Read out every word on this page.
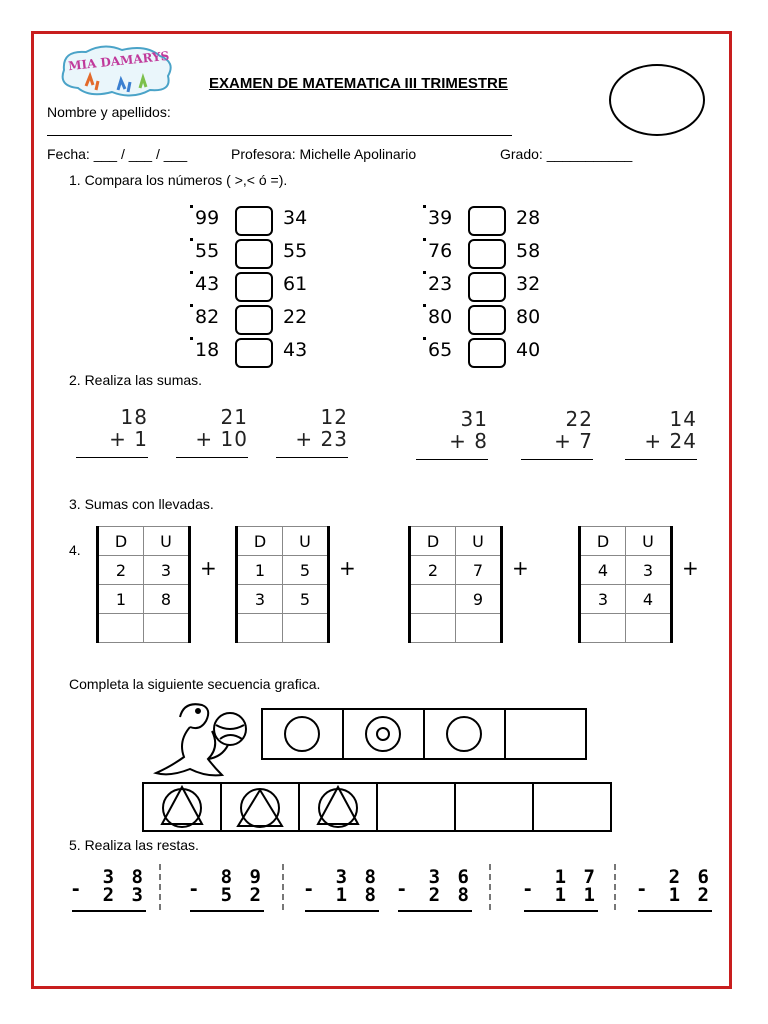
MIA DAMARYS
EXAMEN DE MATEMATICA III TRIMESTRE
Nombre y apellidos:
Fecha: ___ / ___ / ___	Profesora: Michelle Apolinario	Grado: ___________
1. Compara los números ( >,< ó =).
99	34
55	55
43	61
82	22
18	43
39	28
76	58
23	32
80	80
65	40
2. Realiza las sumas.
18
+ 1
21
+ 10
12
+ 23
31
+ 8
22
+ 7
14
+ 24
3. Sumas con llevadas.
4. D	U
2	3
1	8

+
D	U
1	5
3	5

+
D	U
2	7
	9

+
D	U
4	3
3	4

+
Completa la siguiente secuencia grafica.
5. Realiza las restas.
-
3 8
2 3 -
8 9
5 2 -
3 8
1 8 -
3 6
2 8	-
1 7
1 1 -
2 6
1 2
